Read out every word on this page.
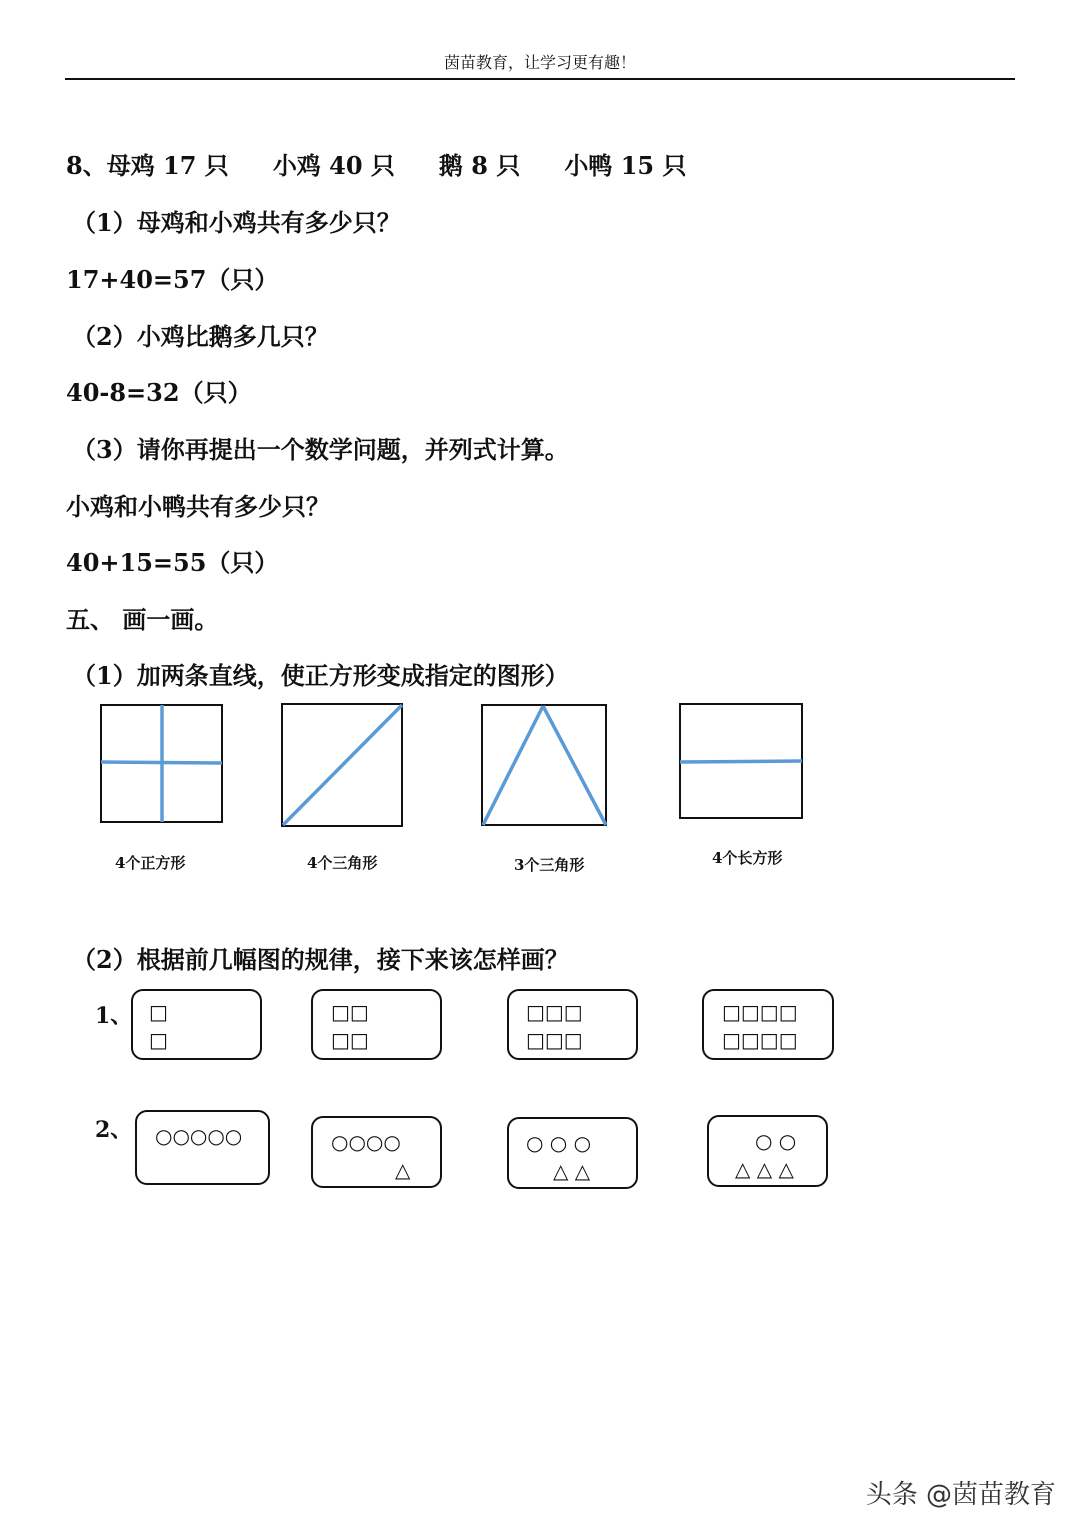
茵苗教育，让学习更有趣！
8、母鸡 17 只 小鸡 40 只 鹅 8 只 小鸭 15 只
（1）母鸡和小鸡共有多少只？
17+40=57（只）
（2）小鸡比鹅多几只？
40-8=32（只）
（3）请你再提出一个数学问题，并列式计算。
小鸡和小鸭共有多少只？
40+15=55（只）
五、 画一画。
（1）加两条直线，使正方形变成指定的图形）
4个正方形	4个三角形	3个三角形	4个长方形
（2）根据前几幅图的规律，接下来该怎样画？
1、 □
□
□□
□□
□□□
□□□
□□□□
□□□□
2、 ○○○○○	○○○○
△
○ ○ ○
△ △
○ ○
△ △ △
头条 @茵苗教育
